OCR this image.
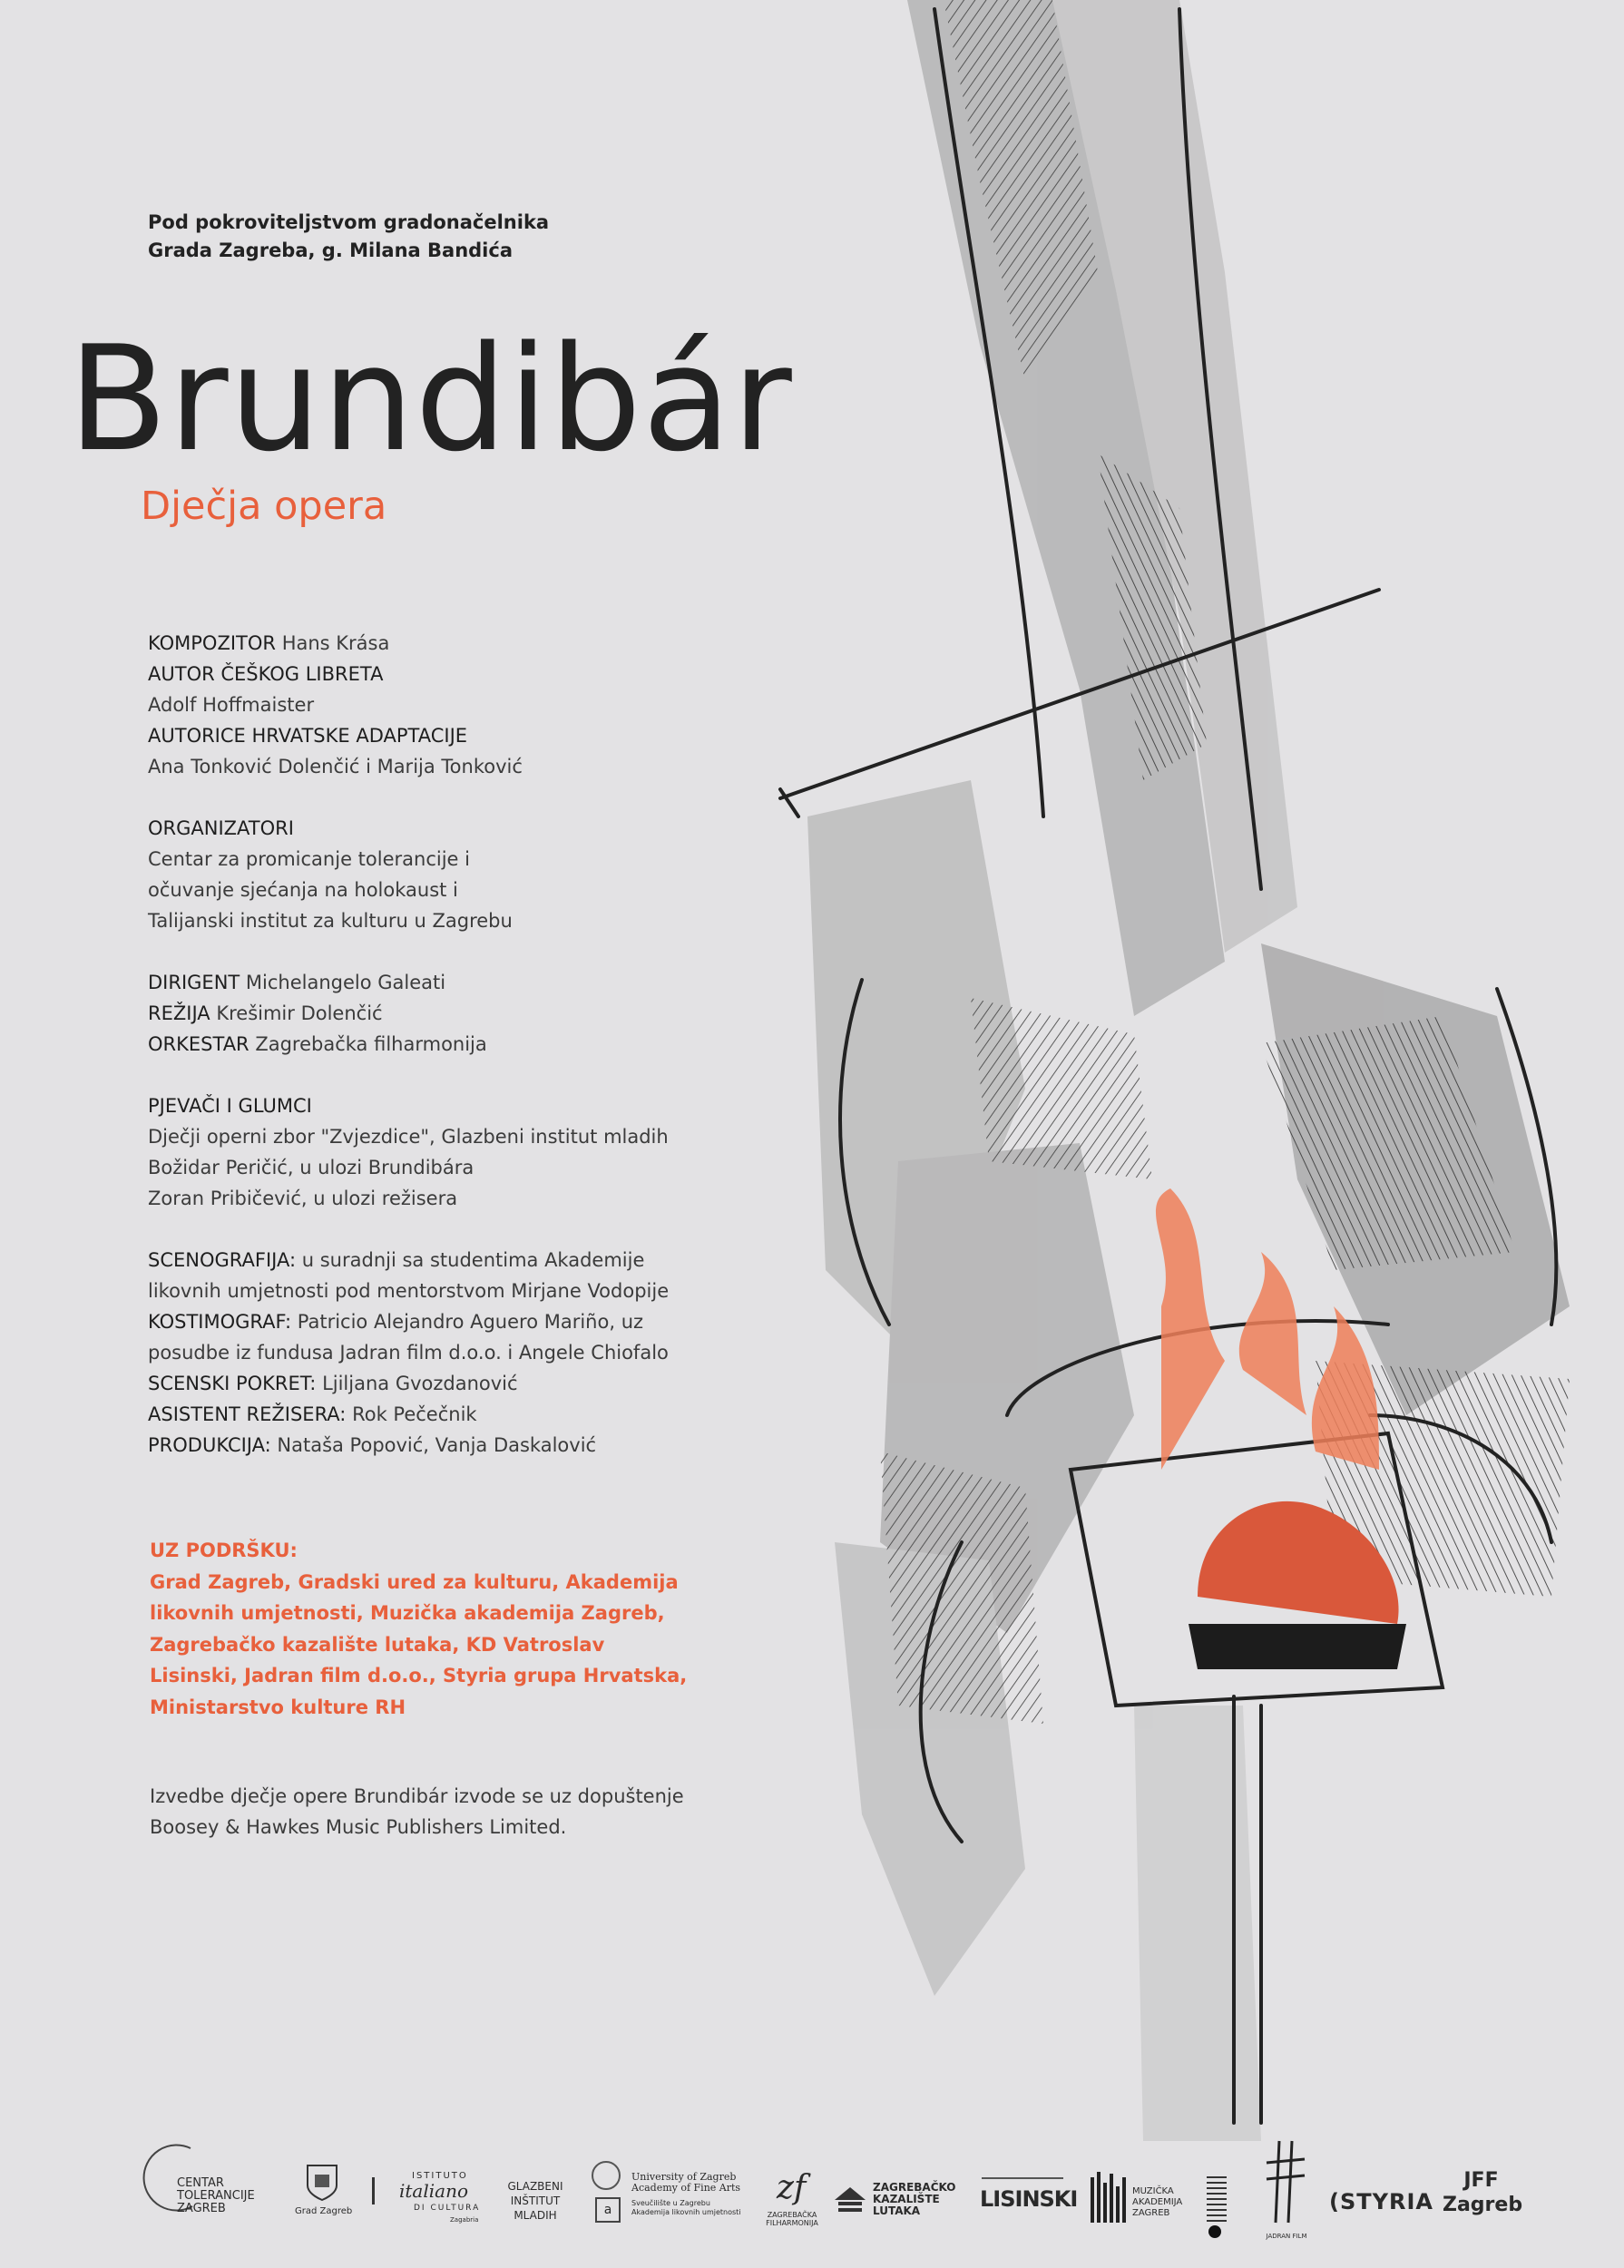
Pod pokroviteljstvom gradonačelnika
Grada Zagreba, g. Milana Bandića
Brundibár
Dječja opera
KOMPOZITOR Hans Krása
AUTOR ČEŠKOG LIBRETA
Adolf Hoffmaister
AUTORICE HRVATSKE ADAPTACIJE
Ana Tonković Dolenčić i Marija Tonković
ORGANIZATORI
Centar za promicanje tolerancije i
očuvanje sjećanja na holokaust i
Talijanski institut za kulturu u Zagrebu
DIRIGENT Michelangelo Galeati
REŽIJA Krešimir Dolenčić
ORKESTAR Zagrebačka filharmonija
PJEVAČI I GLUMCI
Dječji operni zbor "Zvjezdice", Glazbeni institut mladih
Božidar Peričić, u ulozi Brundibára
Zoran Pribičević, u ulozi režisera
SCENOGRAFIJA: u suradnji sa studentima Akademije
likovnih umjetnosti pod mentorstvom Mirjane Vodopije
KOSTIMOGRAF: Patricio Alejandro Aguero Mariño, uz
posudbe iz fundusa Jadran film d.o.o. i Angele Chiofalo
SCENSKI POKRET: Ljiljana Gvozdanović
ASISTENT REŽISERA: Rok Pečečnik
PRODUKCIJA: Nataša Popović, Vanja Daskalović
UZ PODRŠKU:
Grad Zagreb, Gradski ured za kulturu, Akademija
likovnih umjetnosti, Muzička akademija Zagreb,
Zagrebačko kazalište lutaka, KD Vatroslav
Lisinski, Jadran film d.o.o., Styria grupa Hrvatska,
Ministarstvo kulture RH
Izvedbe dječje opere Brundibár izvode se uz dopuštenje
Boosey & Hawkes Music Publishers Limited.
CENTAR
TOLERANCIJE
ZAGREB	Grad Zagreb
ISTITUTO
italiano
DI CULTURA
Zagabria
GLAZBENI
INŠTITUT
MLADIH	a
University of Zagreb
Academy of Fine Arts
Sveučilište u Zagrebu
Akademija likovnih umjetnosti
zf
ZAGREBAČKA
FILHARMONIJA
ZAGREBAČKO
KAZALIŠTE
LUTAKA	LISINSKI	MUZIČKA
AKADEMIJA
ZAGREB
JADRAN FILM
(STYRIA
JFF
Zagreb
